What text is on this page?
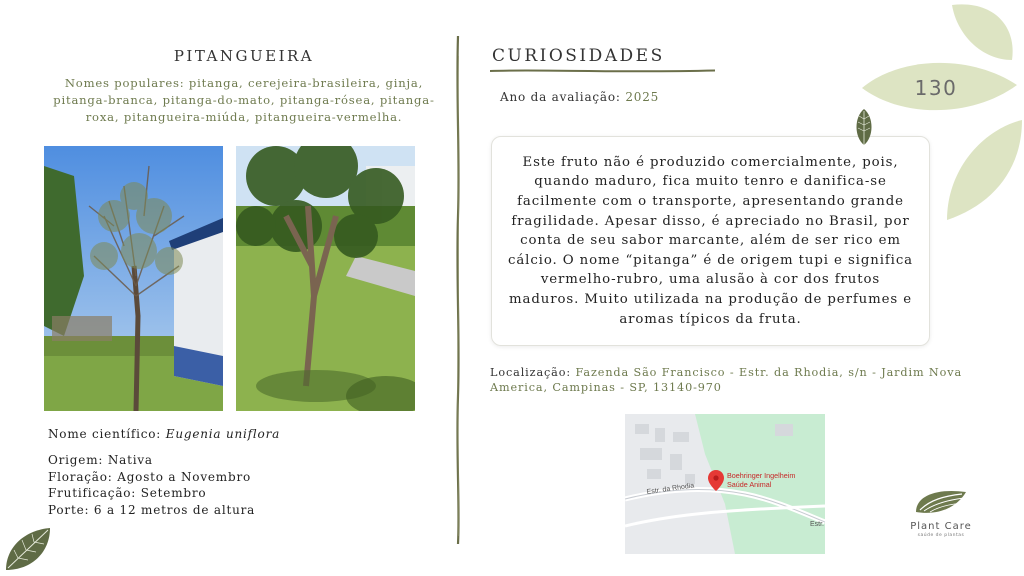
PITANGUEIRA
Nomes populares: pitanga, cerejeira-brasileira, ginja, pitanga-branca, pitanga-do-mato, pitanga-rósea, pitanga-roxa, pitangueira-miúda, pitangueira-vermelha.
Nome científico: Eugenia uniflora
Origem: Nativa
Floração: Agosto a Novembro
Frutificação: Setembro
Porte: 6 a 12 metros de altura
CURIOSIDADES
Ano da avaliação: 2025

Este fruto não é produzido comercialmente, pois, quando maduro, fica muito tenro e danifica-se facilmente com o transporte, apresentando grande fragilidade. Apesar disso, é apreciado no Brasil, por conta de seu sabor marcante, além de ser rico em cálcio. O nome “pitanga” é de origem tupi e significa vermelho-rubro, uma alusão à cor dos frutos maduros. Muito utilizada na produção de perfumes e aromas típicos da fruta.

Localização: Fazenda São Francisco - Estr. da Rhodia, s/n - Jardim Nova America, Campinas - SP, 13140-970
Estr. da Rhodia
Estr.
Boehringer Ingelheim
Saúde Animal
130
Plant Care
saúde de plantas
